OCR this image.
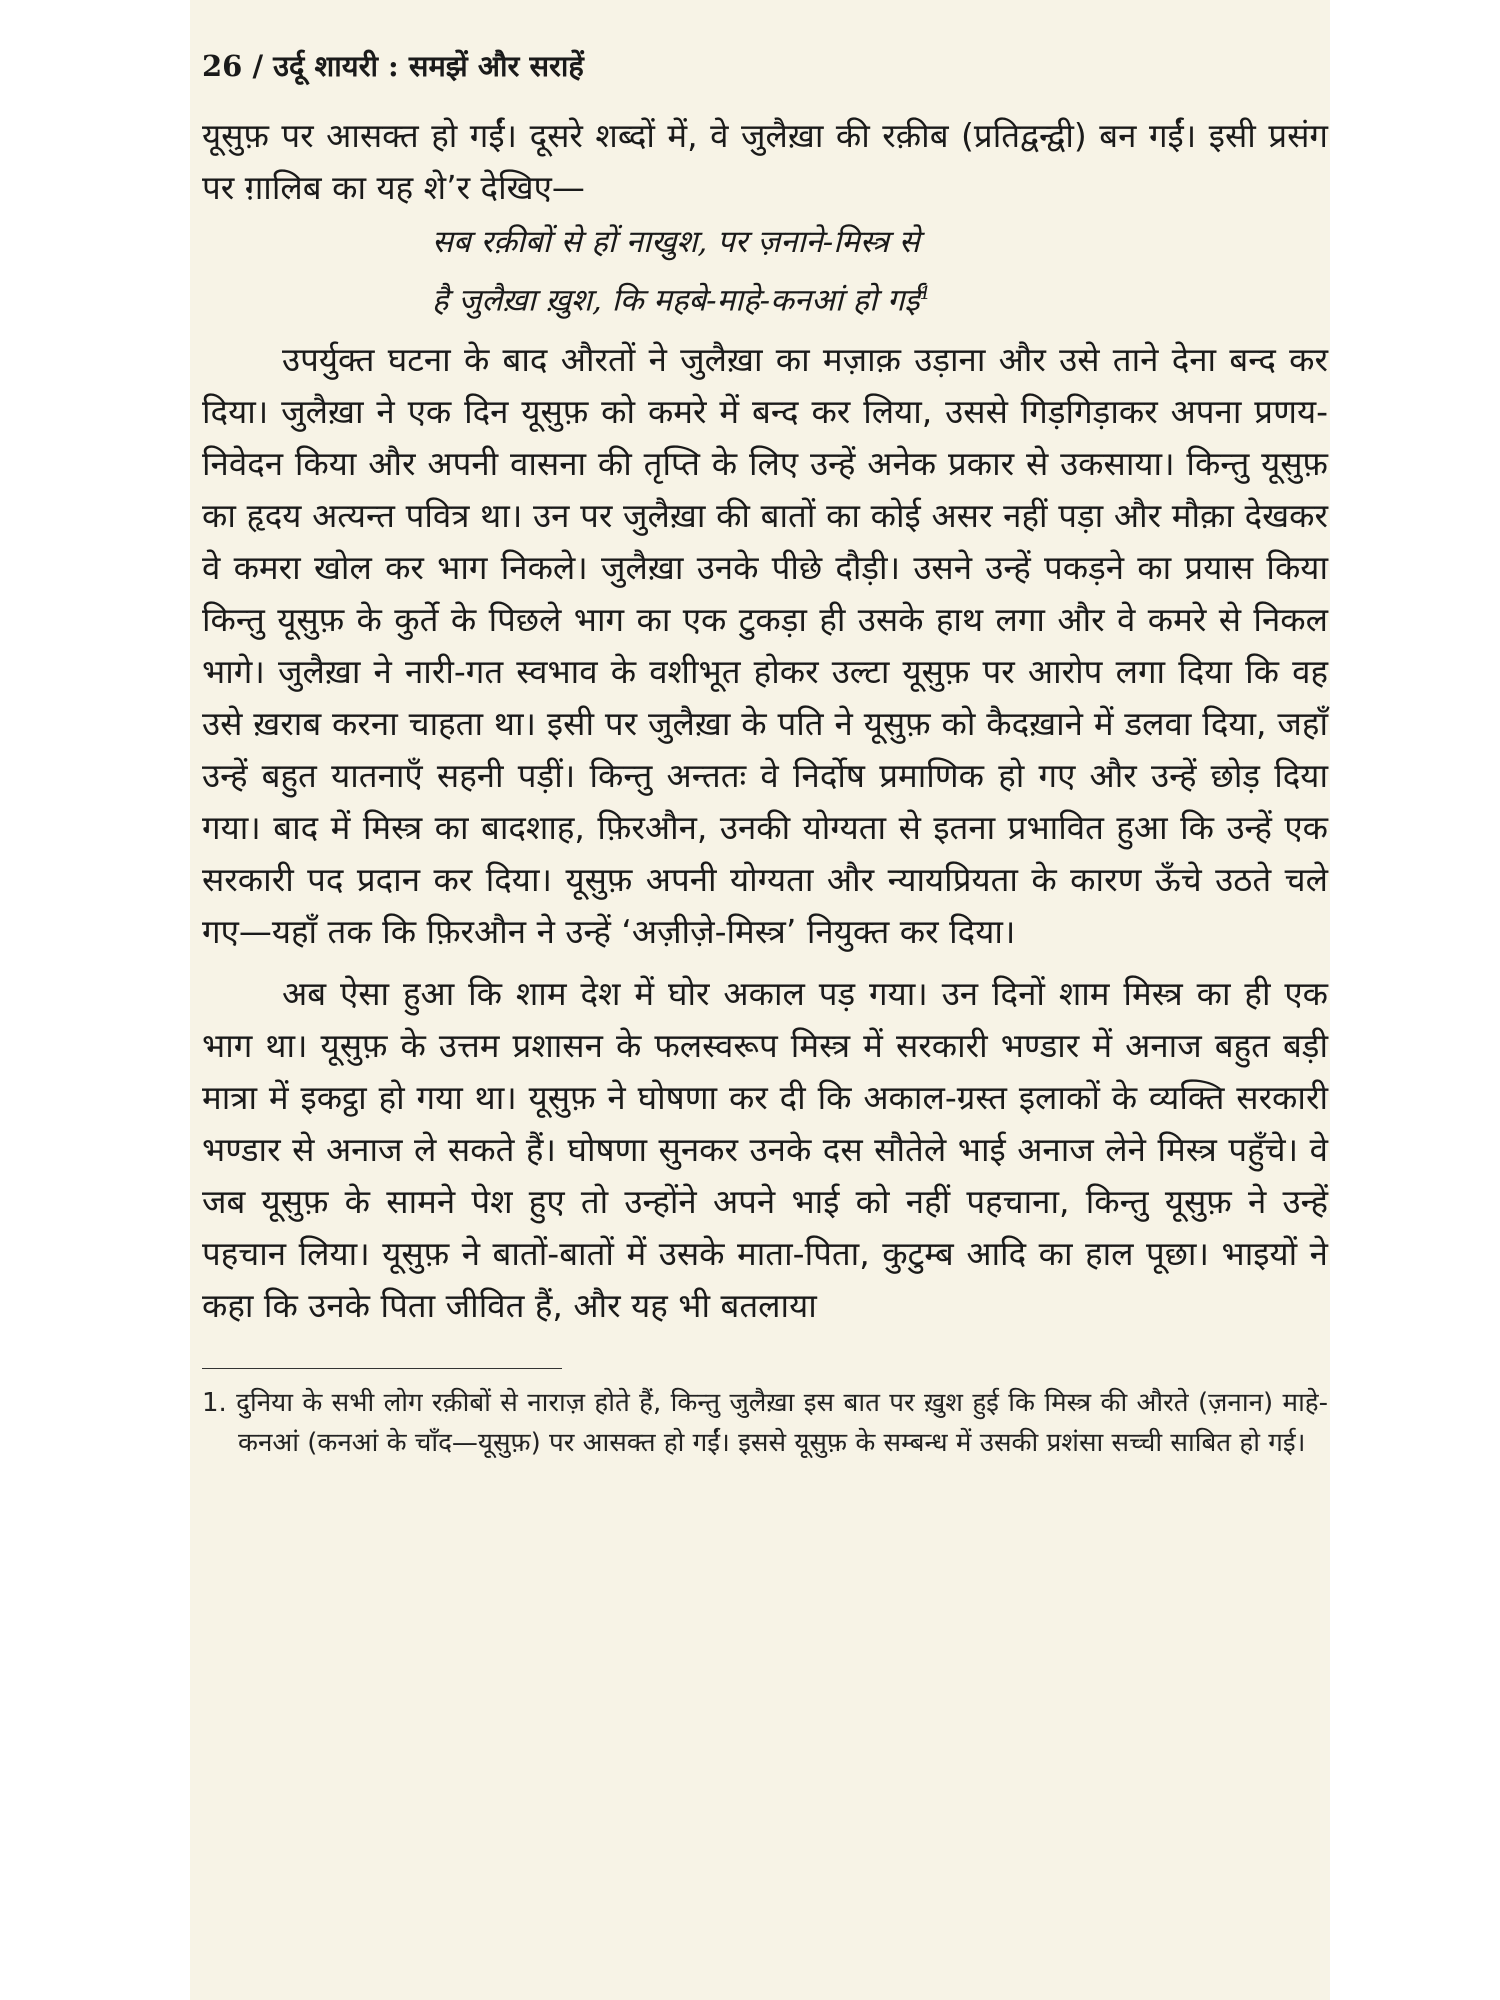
26 / उर्दू शायरी : समझें और सराहें

यूसुफ़ पर आसक्त हो गईं। दूसरे शब्दों में, वे जुलैख़ा की रक़ीब (प्रतिद्वन्द्वी) बन गईं। इसी प्रसंग पर ग़ालिब का यह शे’र देखिए—

सब रक़ीबों से हों नाखुश, पर ज़नाने-मिस्त्र से
है जुलैख़ा ख़ुश, कि महबे-माहे-कनआं हो गई$^1$

उपर्युक्त घटना के बाद औरतों ने जुलैख़ा का मज़ाक़ उड़ाना और उसे ताने देना बन्द कर दिया। जुलैख़ा ने एक दिन यूसुफ़ को कमरे में बन्द कर लिया, उससे गिड़गिड़ाकर अपना प्रणय-निवेदन किया और अपनी वासना की तृप्ति के लिए उन्हें अनेक प्रकार से उकसाया। किन्तु यूसुफ़ का हृदय अत्यन्त पवित्र था। उन पर जुलैख़ा की बातों का कोई असर नहीं पड़ा और मौक़ा देखकर वे कमरा खोल कर भाग निकले। जुलैख़ा उनके पीछे दौड़ी। उसने उन्हें पकड़ने का प्रयास किया किन्तु यूसुफ़ के कुर्ते के पिछले भाग का एक टुकड़ा ही उसके हाथ लगा और वे कमरे से निकल भागे। जुलैख़ा ने नारी-गत स्वभाव के वशीभूत होकर उल्टा यूसुफ़ पर आरोप लगा दिया कि वह उसे ख़राब करना चाहता था। इसी पर जुलैख़ा के पति ने यूसुफ़ को कैदख़ाने में डलवा दिया, जहाँ उन्हें बहुत यातनाएँ सहनी पड़ीं। किन्तु अन्ततः वे निर्दोष प्रमाणिक हो गए और उन्हें छोड़ दिया गया। बाद में मिस्त्र का बादशाह, फ़िरऔन, उनकी योग्यता से इतना प्रभावित हुआ कि उन्हें एक सरकारी पद प्रदान कर दिया। यूसुफ़ अपनी योग्यता और न्यायप्रियता के कारण ऊँचे उठते चले गए—यहाँ तक कि फ़िरऔन ने उन्हें ‘अज़ीज़े-मिस्त्र’ नियुक्त कर दिया।

अब ऐसा हुआ कि शाम देश में घोर अकाल पड़ गया। उन दिनों शाम मिस्त्र का ही एक भाग था। यूसुफ़ के उत्तम प्रशासन के फलस्वरूप मिस्त्र में सरकारी भण्डार में अनाज बहुत बड़ी मात्रा में इकट्ठा हो गया था। यूसुफ़ ने घोषणा कर दी कि अकाल-ग्रस्त इलाकों के व्यक्ति सरकारी भण्डार से अनाज ले सकते हैं। घोषणा सुनकर उनके दस सौतेले भाई अनाज लेने मिस्त्र पहुँचे। वे जब यूसुफ़ के सामने पेश हुए तो उन्होंने अपने भाई को नहीं पहचाना, किन्तु यूसुफ़ ने उन्हें पहचान लिया। यूसुफ़ ने बातों-बातों में उसके माता-पिता, कुटुम्ब आदि का हाल पूछा। भाइयों ने कहा कि उनके पिता जीवित हैं, और यह भी बतलाया

1. दुनिया के सभी लोग रक़ीबों से नाराज़ होते हैं, किन्तु जुलैख़ा इस बात पर ख़ुश हुई कि मिस्त्र की औरते (ज़नान) माहे-कनआं (कनआं के चाँद—यूसुफ़) पर आसक्त हो गईं। इससे यूसुफ़ के सम्बन्ध में उसकी प्रशंसा सच्ची साबित हो गई।
